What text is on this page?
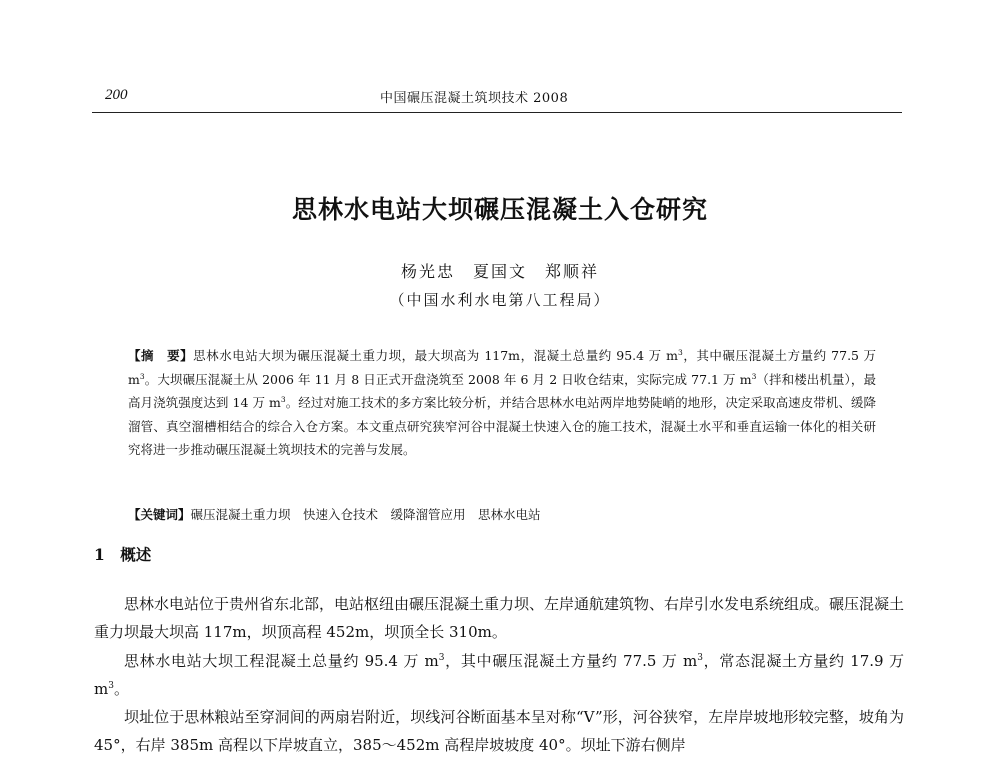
200	中国碾压混凝土筑坝技术 2008
思林水电站大坝碾压混凝土入仓研究
杨光忠　夏国文　郑顺祥
（中国水利水电第八工程局）
【摘　要】思林水电站大坝为碾压混凝土重力坝，最大坝高为 117m，混凝土总量约 95.4 万 $m^3$，其中碾压混凝土方量约 77.5 万 $m^3$。大坝碾压混凝土从 2006 年 11 月 8 日正式开盘浇筑至 2008 年 6 月 2 日收仓结束，实际完成 77.1 万 $m^3$（拌和楼出机量），最高月浇筑强度达到 14 万 $m^3$。经过对施工技术的多方案比较分析，并结合思林水电站两岸地势陡峭的地形，决定采取高速皮带机、缓降溜管、真空溜槽相结合的综合入仓方案。本文重点研究狭窄河谷中混凝土快速入仓的施工技术，混凝土水平和垂直运输一体化的相关研究将进一步推动碾压混凝土筑坝技术的完善与发展。
【关键词】碾压混凝土重力坝　快速入仓技术　缓降溜管应用　思林水电站
1　概述

思林水电站位于贵州省东北部，电站枢纽由碾压混凝土重力坝、左岸通航建筑物、右岸引水发电系统组成。碾压混凝土重力坝最大坝高 117m，坝顶高程 452m，坝顶全长 310m。

思林水电站大坝工程混凝土总量约 95.4 万 $m^3$，其中碾压混凝土方量约 77.5 万 $m^3$，常态混凝土方量约 17.9 万 $m^3$。

坝址位于思林粮站至穿洞间的两扇岩附近，坝线河谷断面基本呈对称“V”形，河谷狭窄，左岸岸坡地形较完整，坡角为 45°，右岸 385m 高程以下岸坡直立，385～452m 高程岸坡坡度 40°。坝址下游右侧岸
